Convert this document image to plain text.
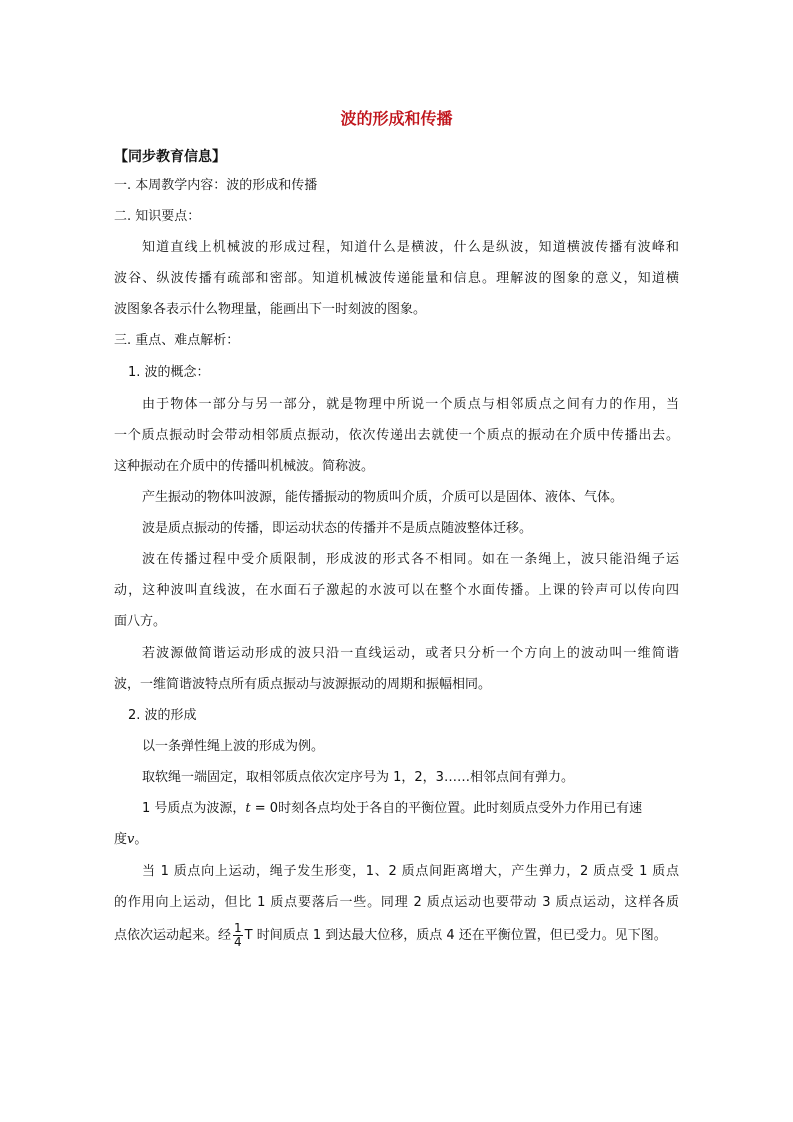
波的形成和传播
【同步教育信息】
一. 本周教学内容：波的形成和传播
二. 知识要点：
知道直线上机械波的形成过程，知道什么是横波，什么是纵波，知道横波传播有波峰和
波谷、纵波传播有疏部和密部。知道机械波传递能量和信息。理解波的图象的意义，知道横
波图象各表示什么物理量，能画出下一时刻波的图象。
三. 重点、难点解析：
1. 波的概念：
由于物体一部分与另一部分，就是物理中所说一个质点与相邻质点之间有力的作用，当
一个质点振动时会带动相邻质点振动，依次传递出去就使一个质点的振动在介质中传播出去。
这种振动在介质中的传播叫机械波。简称波。
产生振动的物体叫波源，能传播振动的物质叫介质，介质可以是固体、液体、气体。
波是质点振动的传播，即运动状态的传播并不是质点随波整体迁移。
波在传播过程中受介质限制，形成波的形式各不相同。如在一条绳上，波只能沿绳子运
动，这种波叫直线波，在水面石子激起的水波可以在整个水面传播。上课的铃声可以传向四
面八方。
若波源做简谐运动形成的波只沿一直线运动，或者只分析一个方向上的波动叫一维简谐
波，一维简谐波特点所有质点振动与波源振动的周期和振幅相同。
2. 波的形成
以一条弹性绳上波的形成为例。
取软绳一端固定，取相邻质点依次定序号为 1，2，3……相邻点间有弹力。
1 号质点为波源，t = 0时刻各点均处于各自的平衡位置。此时刻质点受外力作用已有速
度v。
当 1 质点向上运动，绳子发生形变，1、2 质点间距离增大，产生弹力，2 质点受 1 质点
的作用向上运动，但比 1 质点要落后一些。同理 2 质点运动也要带动 3 质点运动，这样各质
点依次运动起来。经 $\frac{1}{4}$ T 时间质点 1 到达最大位移，质点 4 还在平衡位置，但已受力。见下图。
